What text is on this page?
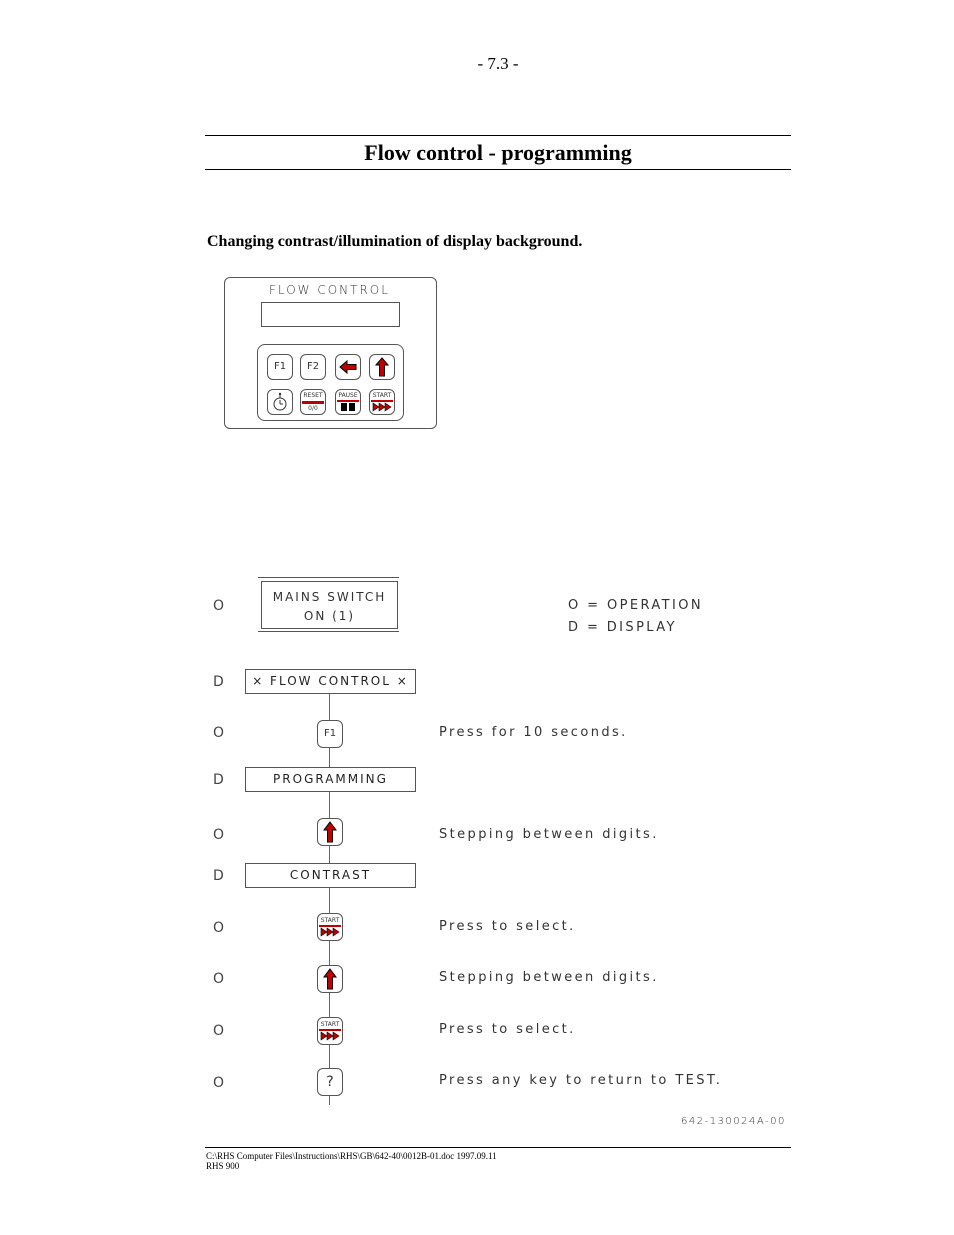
- 7.3 -
Flow control - programming
Changing contrast/illumination of display background.
FLOW CONTROL
F1	F2
RESET
0/0
PAUSE	START
O = OPERATION
D = DISPLAY
O
MAINS SWITCH
ON (1)
D	× FLOW CONTROL ×
O	F1	Press for 10 seconds.
D	PROGRAMMING
O	Stepping between digits.
D	CONTRAST
O	START	Press to select.
O	Stepping between digits.
O	START	Press to select.
O	?	Press any key to return to TEST.
642-130024A-00
C:\RHS Computer Files\Instructions\RHS\GB\642-40\0012B-01.doc 1997.09.11
RHS 900
